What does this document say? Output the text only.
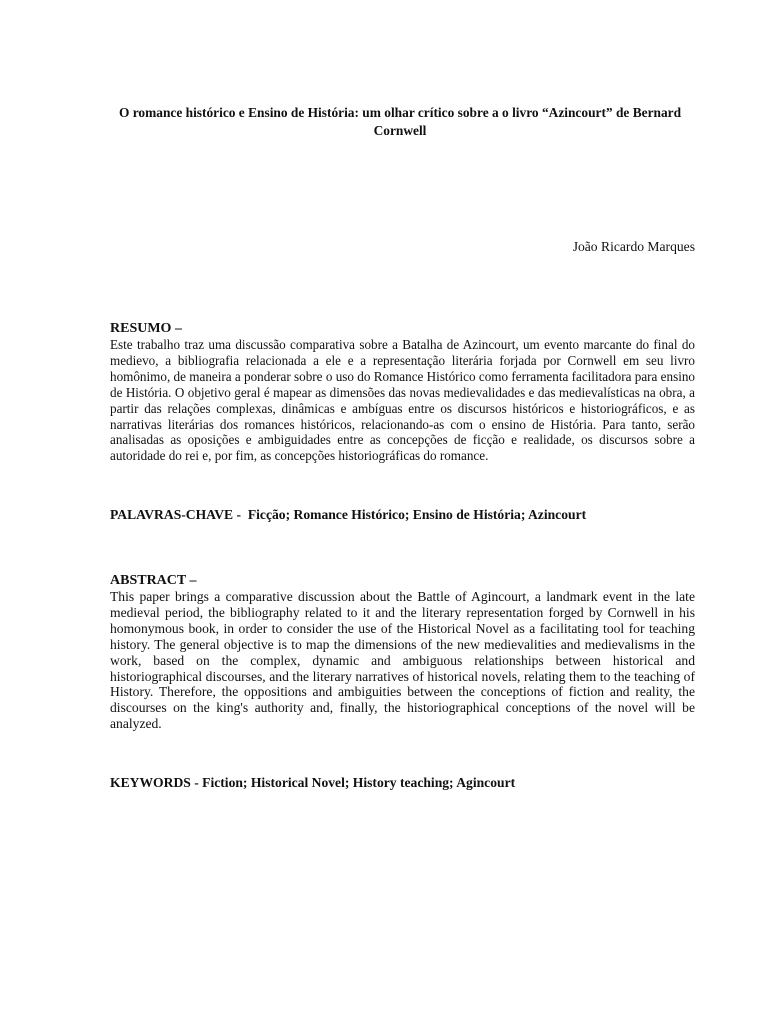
O romance histórico e Ensino de História: um olhar crítico sobre a o livro “Azincourt” de Bernard Cornwell
João Ricardo Marques
RESUMO –
Este trabalho traz uma discussão comparativa sobre a Batalha de Azincourt, um evento marcante do final do medievo, a bibliografia relacionada a ele e a representação literária forjada por Cornwell em seu livro homônimo, de maneira a ponderar sobre o uso do Romance Histórico como ferramenta facilitadora para ensino de História. O objetivo geral é mapear as dimensões das novas medievalidades e das medievalísticas na obra, a partir das relações complexas, dinâmicas e ambíguas entre os discursos históricos e historiográficos, e as narrativas literárias dos romances históricos, relacionando-as com o ensino de História. Para tanto, serão analisadas as oposições e ambiguidades entre as concepções de ficção e realidade, os discursos sobre a autoridade do rei e, por fim, as concepções historiográficas do romance.
PALAVRAS-CHAVE - Ficção; Romance Histórico; Ensino de História; Azincourt
ABSTRACT –
This paper brings a comparative discussion about the Battle of Agincourt, a landmark event in the late medieval period, the bibliography related to it and the literary representation forged by Cornwell in his homonymous book, in order to consider the use of the Historical Novel as a facilitating tool for teaching history. The general objective is to map the dimensions of the new medievalities and medievalisms in the work, based on the complex, dynamic and ambiguous relationships between historical and historiographical discourses, and the literary narratives of historical novels, relating them to the teaching of History. Therefore, the oppositions and ambiguities between the conceptions of fiction and reality, the discourses on the king's authority and, finally, the historiographical conceptions of the novel will be analyzed.
KEYWORDS - Fiction; Historical Novel; History teaching; Agincourt
